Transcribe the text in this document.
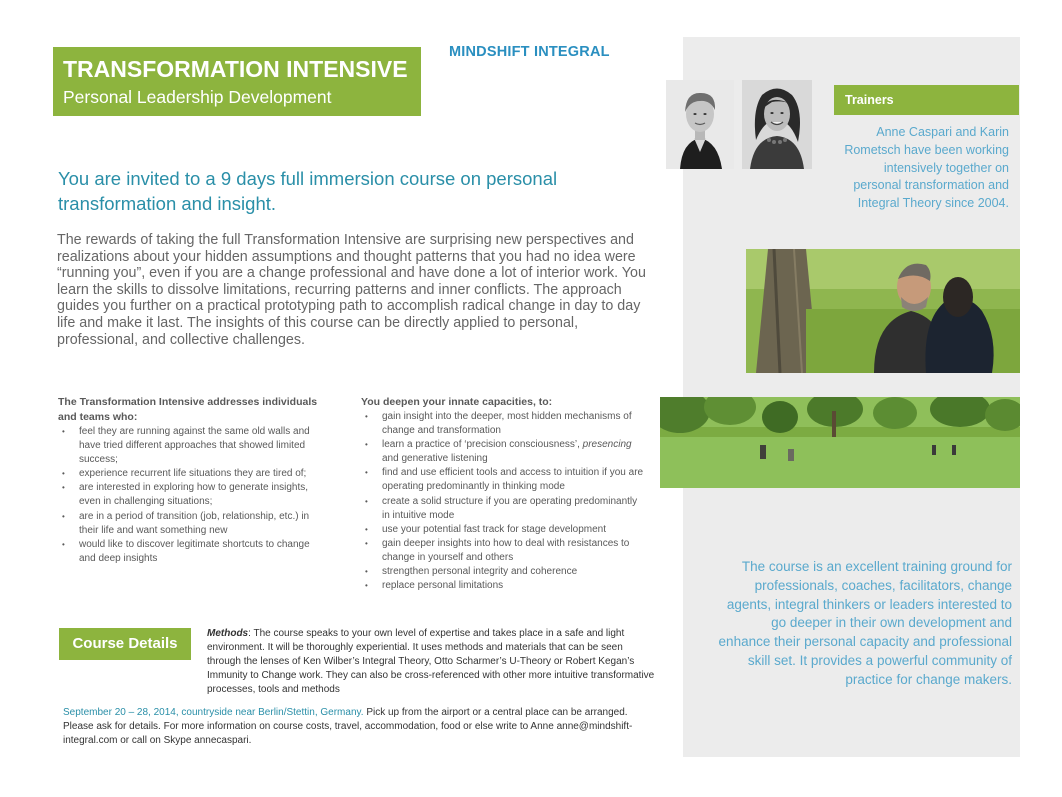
TRANSFORMATION INTENSIVE
Personal Leadership Development
MINDSHIFT INTEGRAL
You are invited to a 9 days full immersion course on personal transformation and insight.
The rewards of taking the full Transformation Intensive are surprising new perspectives and realizations about your hidden assumptions and thought patterns that you had no idea were “running you”, even if you are a change professional and have done a lot of interior work. You learn the skills to dissolve limitations, recurring patterns and inner conflicts. The approach guides you further on a practical prototyping path to accomplish radical change in day to day life and make it last. The insights of this course can be directly applied to personal, professional, and collective challenges.
The Transformation Intensive addresses individuals and teams who:
• feel they are running against the same old walls and have tried different approaches that showed limited success;
• experience recurrent life situations they are tired of;
• are interested in exploring how to generate insights, even in challenging situations;
• are in a period of transition (job, relationship, etc.) in their life and want something new
• would like to discover legitimate shortcuts to change and deep insights
You deepen your innate capacities, to:
• gain insight into the deeper, most hidden mechanisms of change and transformation
• learn a practice of ‘precision consciousness’, presencing and generative listening
• find and use efficient tools and access to intuition if you are operating predominantly in thinking mode
• create a solid structure if you are operating predominantly in intuitive mode
• use your potential fast track for stage development
• gain deeper insights into how to deal with resistances to change in yourself and others
• strengthen personal integrity and coherence
• replace personal limitations
Course Details
Methods: The course speaks to your own level of expertise and takes place in a safe and light environment. It will be thoroughly experiential. It uses methods and materials that can be seen through the lenses of Ken Wilber’s Integral Theory, Otto Scharmer’s U-Theory or Robert Kegan’s Immunity to Change work. They can also be cross-referenced with other more intuitive transformative processes, tools and methods
September 20 – 28, 2014, countryside near Berlin/Stettin, Germany. Pick up from the airport or a central place can be arranged. Please ask for details. For more information on course costs, travel, accommodation, food or else write to Anne anne@mindshift-integral.com or call on Skype annecaspari.
Trainers
Anne Caspari and Karin Rometsch have been working intensively together on personal transformation and Integral Theory since 2004.
The course is an excellent training ground for professionals, coaches, facilitators, change agents, integral thinkers or leaders interested to go deeper in their own development and enhance their personal capacity and professional skill set. It provides a powerful community of practice for change makers.
